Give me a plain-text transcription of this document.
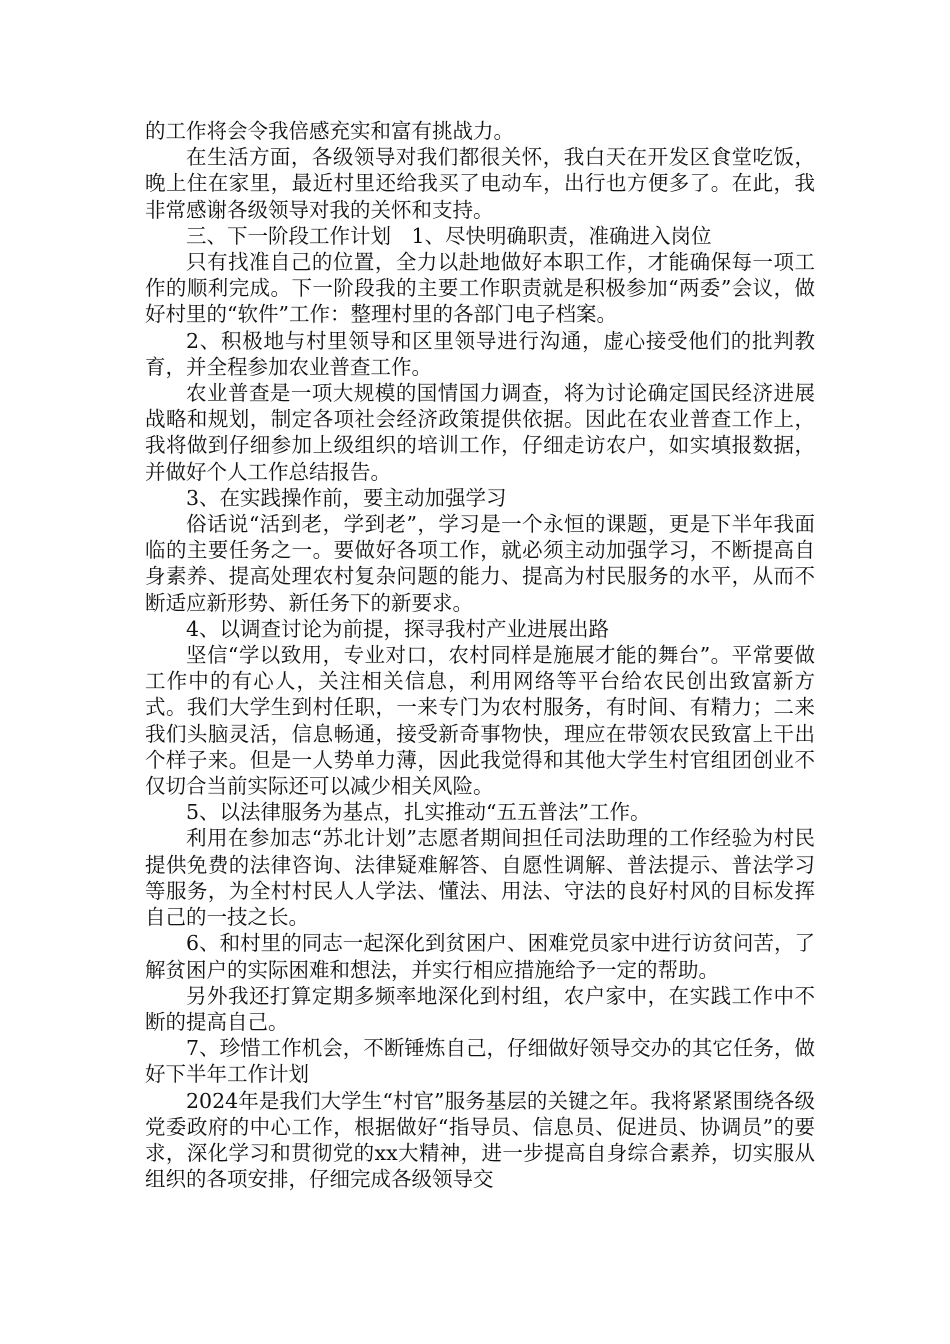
的工作将会令我倍感充实和富有挑战力。

在生活方面，各级领导对我们都很关怀，我白天在开发区食堂吃饭，晚上住在家里，最近村里还给我买了电动车，出行也方便多了。在此，我非常感谢各级领导对我的关怀和支持。

三、下一阶段工作计划　1、尽快明确职责，准确进入岗位

只有找准自己的位置，全力以赴地做好本职工作，才能确保每一项工作的顺利完成。下一阶段我的主要工作职责就是积极参加“两委”会议，做好村里的“软件”工作：整理村里的各部门电子档案。

2、积极地与村里领导和区里领导进行沟通，虚心接受他们的批判教育，并全程参加农业普查工作。

农业普查是一项大规模的国情国力调查，将为讨论确定国民经济进展战略和规划，制定各项社会经济政策提供依据。因此在农业普查工作上，我将做到仔细参加上级组织的培训工作，仔细走访农户，如实填报数据，并做好个人工作总结报告。

3、在实践操作前，要主动加强学习

俗话说“活到老，学到老”，学习是一个永恒的课题，更是下半年我面临的主要任务之一。要做好各项工作，就必须主动加强学习，不断提高自身素养、提高处理农村复杂问题的能力、提高为村民服务的水平，从而不断适应新形势、新任务下的新要求。

4、以调查讨论为前提，探寻我村产业进展出路

坚信“学以致用，专业对口，农村同样是施展才能的舞台”。平常要做工作中的有心人，关注相关信息，利用网络等平台给农民创出致富新方式。我们大学生到村任职，一来专门为农村服务，有时间、有精力；二来我们头脑灵活，信息畅通，接受新奇事物快，理应在带领农民致富上干出个样子来。但是一人势单力薄，因此我觉得和其他大学生村官组团创业不仅切合当前实际还可以减少相关风险。

5、以法律服务为基点，扎实推动“五五普法”工作。

利用在参加志“苏北计划”志愿者期间担任司法助理的工作经验为村民提供免费的法律咨询、法律疑难解答、自愿性调解、普法提示、普法学习等服务，为全村村民人人学法、懂法、用法、守法的良好村风的目标发挥自己的一技之长。

6、和村里的同志一起深化到贫困户、困难党员家中进行访贫问苦，了解贫困户的实际困难和想法，并实行相应措施给予一定的帮助。

另外我还打算定期多频率地深化到村组，农户家中，在实践工作中不断的提高自己。

7、珍惜工作机会，不断锤炼自己，仔细做好领导交办的其它任务，做好下半年工作计划

2024年是我们大学生“村官”服务基层的关键之年。我将紧紧围绕各级党委政府的中心工作，根据做好“指导员、信息员、促进员、协调员”的要求，深化学习和贯彻党的xx大精神，进一步提高自身综合素养，切实服从组织的各项安排，仔细完成各级领导交
